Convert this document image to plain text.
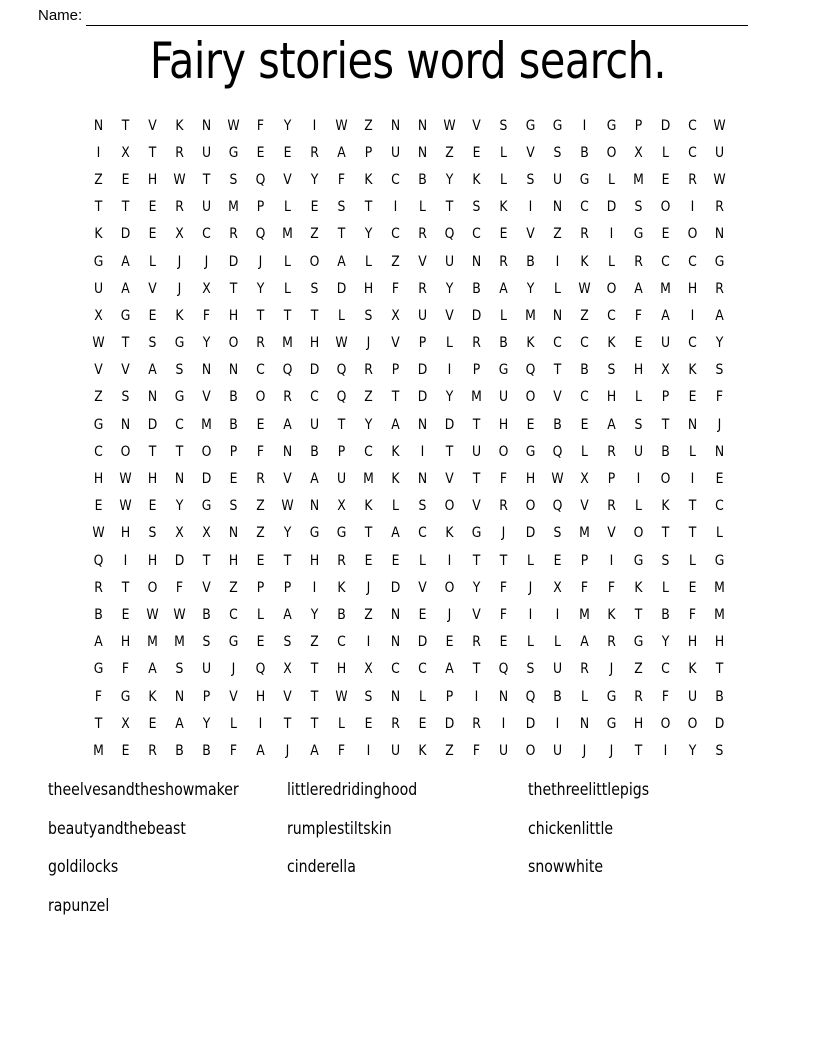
Name:
Fairy stories word search.
N	T	V	K	N	W	F	Y	I	W	Z	N	N	W	V	S	G	G	I	G	P	D	C	W
I	X	T	R	U	G	E	E	R	A	P	U	N	Z	E	L	V	S	B	O	X	L	C	U
Z	E	H	W	T	S	Q	V	Y	F	K	C	B	Y	K	L	S	U	G	L	M	E	R	W
T	T	E	R	U	M	P	L	E	S	T	I	L	T	S	K	I	N	C	D	S	O	I	R
K	D	E	X	C	R	Q	M	Z	T	Y	C	R	Q	C	E	V	Z	R	I	G	E	O	N
G	A	L	J	J	D	J	L	O	A	L	Z	V	U	N	R	B	I	K	L	R	C	C	G
U	A	V	J	X	T	Y	L	S	D	H	F	R	Y	B	A	Y	L	W	O	A	M	H	R
X	G	E	K	F	H	T	T	T	L	S	X	U	V	D	L	M	N	Z	C	F	A	I	A
W	T	S	G	Y	O	R	M	H	W	J	V	P	L	R	B	K	C	C	K	E	U	C	Y
V	V	A	S	N	N	C	Q	D	Q	R	P	D	I	P	G	Q	T	B	S	H	X	K	S
Z	S	N	G	V	B	O	R	C	Q	Z	T	D	Y	M	U	O	V	C	H	L	P	E	F
G	N	D	C	M	B	E	A	U	T	Y	A	N	D	T	H	E	B	E	A	S	T	N	J
C	O	T	T	O	P	F	N	B	P	C	K	I	T	U	O	G	Q	L	R	U	B	L	N
H	W	H	N	D	E	R	V	A	U	M	K	N	V	T	F	H	W	X	P	I	O	I	E
E	W	E	Y	G	S	Z	W	N	X	K	L	S	O	V	R	O	Q	V	R	L	K	T	C
W	H	S	X	X	N	Z	Y	G	G	T	A	C	K	G	J	D	S	M	V	O	T	T	L
Q	I	H	D	T	H	E	T	H	R	E	E	L	I	T	T	L	E	P	I	G	S	L	G
R	T	O	F	V	Z	P	P	I	K	J	D	V	O	Y	F	J	X	F	F	K	L	E	M
B	E	W	W	B	C	L	A	Y	B	Z	N	E	J	V	F	I	I	M	K	T	B	F	M
A	H	M	M	S	G	E	S	Z	C	I	N	D	E	R	E	L	L	A	R	G	Y	H	H
G	F	A	S	U	J	Q	X	T	H	X	C	C	A	T	Q	S	U	R	J	Z	C	K	T
F	G	K	N	P	V	H	V	T	W	S	N	L	P	I	N	Q	B	L	G	R	F	U	B
T	X	E	A	Y	L	I	T	T	L	E	R	E	D	R	I	D	I	N	G	H	O	O	D
M	E	R	B	B	F	A	J	A	F	I	U	K	Z	F	U	O	U	J	J	T	I	Y	S
theelvesandtheshowmaker	littleredridinghood	thethreelittlepigs
beautyandthebeast	rumplestiltskin	chickenlittle
goldilocks	cinderella	snowwhite
rapunzel
